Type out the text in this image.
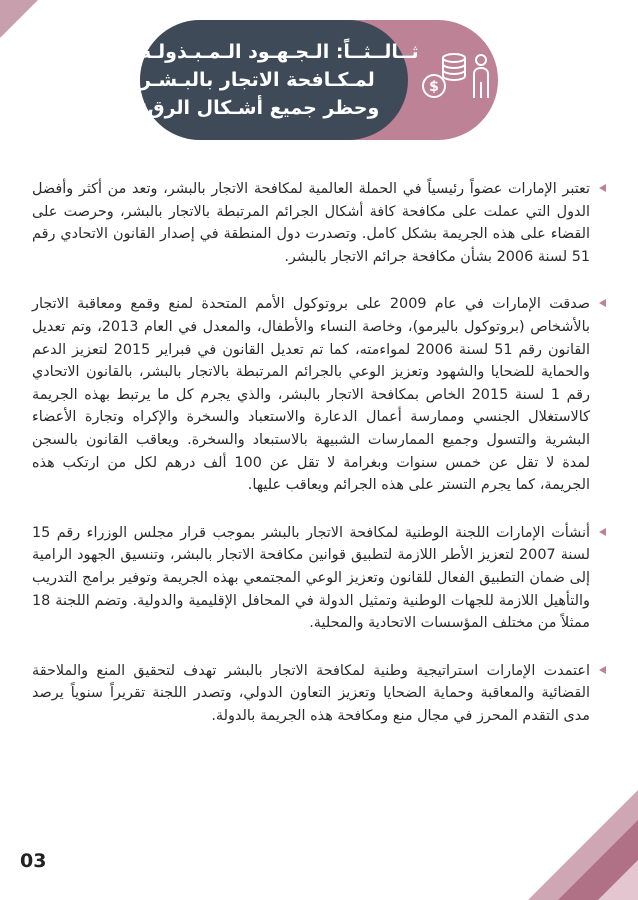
ثــالــثــاً: الـجـهـود الـمـبـذولـة
لمـكـافحة الاتجار بالبـشـر
وحظر جميع أشـكال الرق:
$

تعتبر الإمارات عضواً رئيسياً في الحملة العالمية لمكافحة الاتجار بالبشر، وتعد من أكثر وأفضل الدول التي عملت على مكافحة كافة أشكال الجرائم المرتبطة بالاتجار بالبشر، وحرصت على القضاء على هذه الجريمة بشكل كامل. وتصدرت دول المنطقة في إصدار القانون الاتحادي رقم 51 لسنة 2006 بشأن مكافحة جرائم الاتجار بالبشر.

صدقت الإمارات في عام 2009 على بروتوكول الأمم المتحدة لمنع وقمع ومعاقبة الاتجار بالأشخاص (بروتوكول باليرمو)، وخاصة النساء والأطفال، والمعدل في العام 2013، وتم تعديل القانون رقم 51 لسنة 2006 لمواءمته، كما تم تعديل القانون في فبراير 2015 لتعزيز الدعم والحماية للضحايا والشهود وتعزيز الوعي بالجرائم المرتبطة بالاتجار بالبشر، بالقانون الاتحادي رقم 1 لسنة 2015 الخاص بمكافحة الاتجار بالبشر، والذي يجرم كل ما يرتبط بهذه الجريمة كالاستغلال الجنسي وممارسة أعمال الدعارة والاستعباد والسخرة والإكراه وتجارة الأعضاء البشرية والتسول وجميع الممارسات الشبيهة بالاستبعاد والسخرة. ويعاقب القانون بالسجن لمدة لا تقل عن خمس سنوات وبغرامة لا تقل عن 100 ألف درهم لكل من ارتكب هذه الجريمة، كما يجرم التستر على هذه الجرائم ويعاقب عليها.

أنشأت الإمارات اللجنة الوطنية لمكافحة الاتجار بالبشر بموجب قرار مجلس الوزراء رقم 15 لسنة 2007 لتعزيز الأطر اللازمة لتطبيق قوانين مكافحة الاتجار بالبشر، وتنسيق الجهود الرامية إلى ضمان التطبيق الفعال للقانون وتعزيز الوعي المجتمعي بهذه الجريمة وتوفير برامج التدريب والتأهيل اللازمة للجهات الوطنية وتمثيل الدولة في المحافل الإقليمية والدولية. وتضم اللجنة 18 ممثلاً من مختلف المؤسسات الاتحادية والمحلية.

اعتمدت الإمارات استراتيجية وطنية لمكافحة الاتجار بالبشر تهدف لتحقيق المنع والملاحقة القضائية والمعاقبة وحماية الضحايا وتعزيز التعاون الدولي، وتصدر اللجنة تقريراً سنوياً يرصد مدى التقدم المحرز في مجال منع ومكافحة هذه الجريمة بالدولة.

03
